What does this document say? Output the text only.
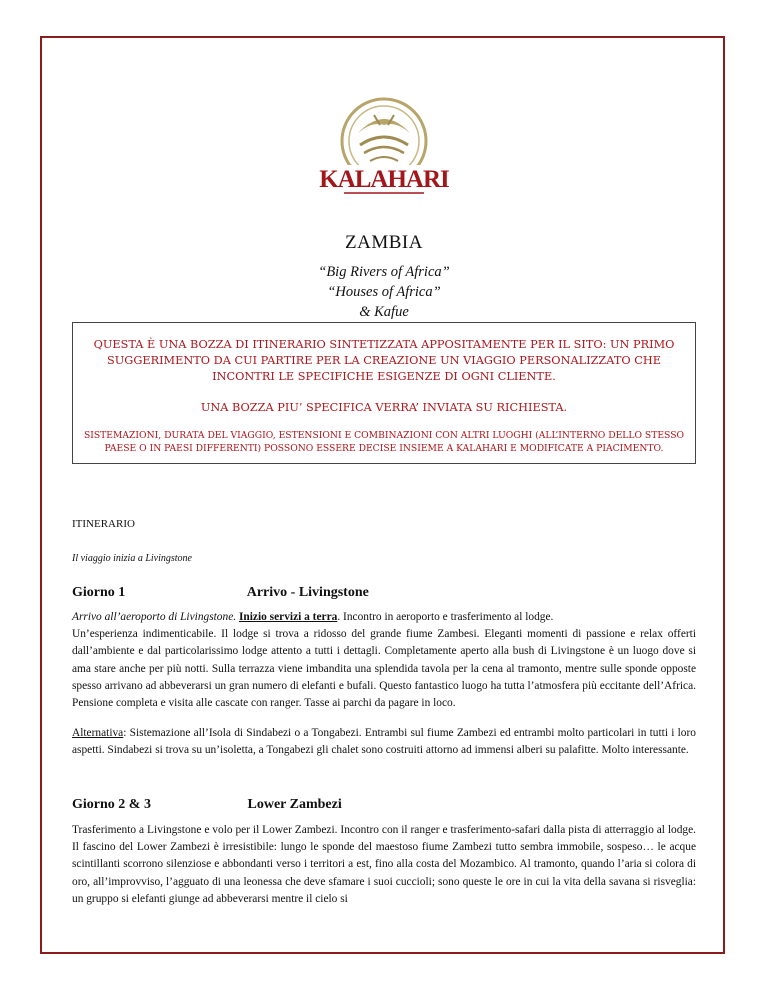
KALAHARI
ZAMBIA
“Big Rivers of Africa”
“Houses of Africa”
& Kafue

QUESTA È UNA BOZZA DI ITINERARIO SINTETIZZATA APPOSITAMENTE PER IL SITO: UN PRIMO SUGGERIMENTO DA CUI PARTIRE PER LA CREAZIONE UN VIAGGIO PERSONALIZZATO CHE INCONTRI LE SPECIFICHE ESIGENZE DI OGNI CLIENTE.

UNA BOZZA PIU’ SPECIFICA VERRA’ INVIATA SU RICHIESTA.

SISTEMAZIONI, DURATA DEL VIAGGIO, ESTENSIONI E COMBINAZIONI CON ALTRI LUOGHI (ALL’INTERNO DELLO STESSO PAESE O IN PAESI DIFFERENTI) POSSONO ESSERE DECISE INSIEME A KALAHARI E MODIFICATE A PIACIMENTO.

ITINERARIO
Il viaggio inizia a Livingstone
Giorno 1	Arrivo - Livingstone

Arrivo all’aeroporto di Livingstone. Inizio servizi a terra. Incontro in aeroporto e trasferimento al lodge.
Un’esperienza indimenticabile. Il lodge si trova a ridosso del grande fiume Zambesi. Eleganti momenti di passione e relax offerti dall’ambiente e dal particolarissimo lodge attento a tutti i dettagli. Completamente aperto alla bush di Livingstone è un luogo dove si ama stare anche per più notti. Sulla terrazza viene imbandita una splendida tavola per la cena al tramonto, mentre sulle sponde opposte spesso arrivano ad abbeverarsi un gran numero di elefanti e bufali. Questo fantastico luogo ha tutta l’atmosfera più eccitante dell’Africa. Pensione completa e visita alle cascate con ranger. Tasse ai parchi da pagare in loco.

Alternativa: Sistemazione all’Isola di Sindabezi o a Tongabezi. Entrambi sul fiume Zambezi ed entrambi molto particolari in tutti i loro aspetti. Sindabezi si trova su un’isoletta, a Tongabezi gli chalet sono costruiti attorno ad immensi alberi su palafitte. Molto interessante.

Giorno 2 & 3	Lower Zambezi

Trasferimento a Livingstone e volo per il Lower Zambezi. Incontro con il ranger e trasferimento-safari dalla pista di atterraggio al lodge. Il fascino del Lower Zambezi è irresistibile: lungo le sponde del maestoso fiume Zambezi tutto sembra immobile, sospeso… le acque scintillanti scorrono silenziose e abbondanti verso i territori a est, fino alla costa del Mozambico. Al tramonto, quando l’aria si colora di oro, all’improvviso, l’agguato di una leonessa che deve sfamare i suoi cuccioli; sono queste le ore in cui la vita della savana si risveglia: un gruppo si elefanti giunge ad abbeverarsi mentre il cielo si
